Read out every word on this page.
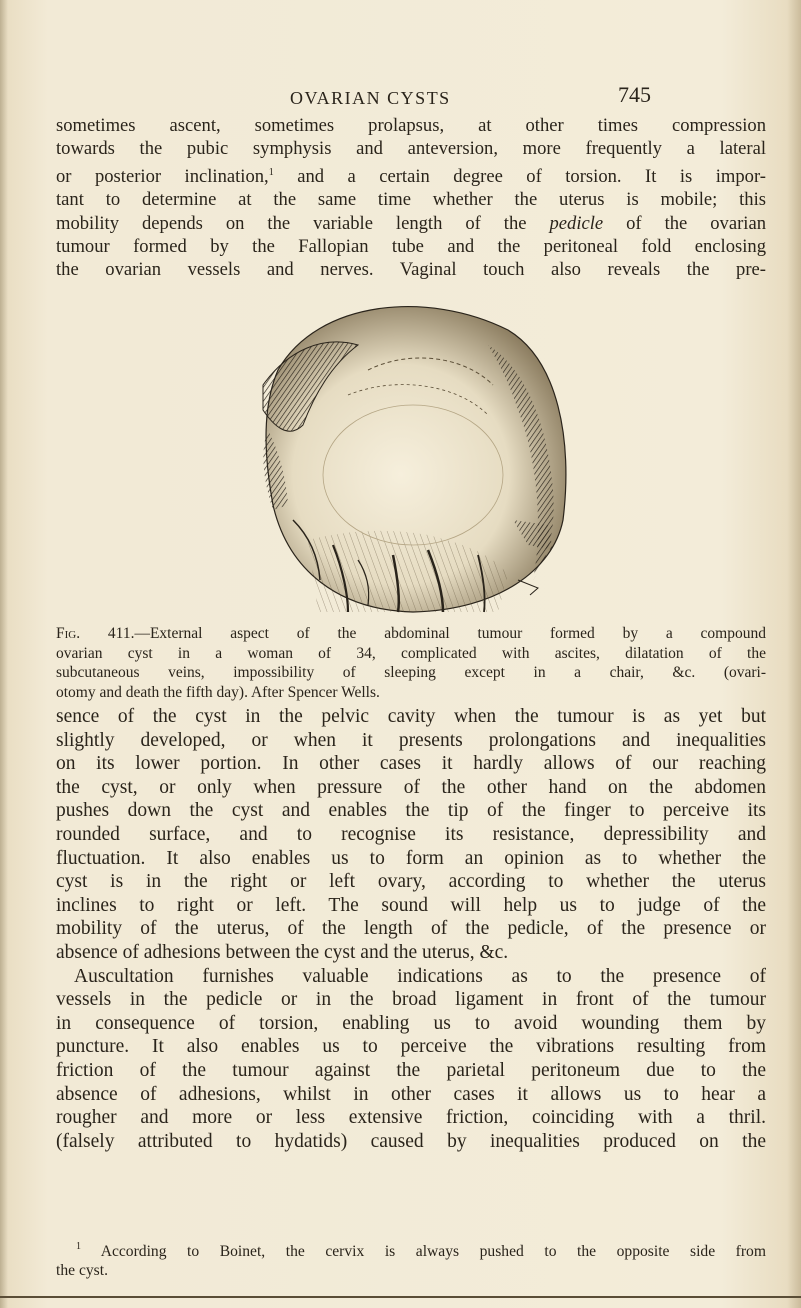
OVARIAN CYSTS	745

sometimes ascent, sometimes prolapsus, at other times compression
towards the pubic symphysis and anteversion, more frequently a lateral
or posterior inclination,$^1$ and a certain degree of torsion. It is impor-
tant to determine at the same time whether the uterus is mobile; this
mobility depends on the variable length of the pedicle of the ovarian
tumour formed by the Fallopian tube and the peritoneal fold enclosing
the ovarian vessels and nerves. Vaginal touch also reveals the pre-

Fig. 411.—External aspect of the abdominal tumour formed by a compound
ovarian cyst in a woman of 34, complicated with ascites, dilatation of the
subcutaneous veins, impossibility of sleeping except in a chair, &c. (ovari-
otomy and death the fifth day). After Spencer Wells.

sence of the cyst in the pelvic cavity when the tumour is as yet but
slightly developed, or when it presents prolongations and inequalities
on its lower portion. In other cases it hardly allows of our reaching
the cyst, or only when pressure of the other hand on the abdomen
pushes down the cyst and enables the tip of the finger to perceive its
rounded surface, and to recognise its resistance, depressibility and
fluctuation. It also enables us to form an opinion as to whether the
cyst is in the right or left ovary, according to whether the uterus
inclines to right or left. The sound will help us to judge of the
mobility of the uterus, of the length of the pedicle, of the presence or
absence of adhesions between the cyst and the uterus, &c.
Auscultation furnishes valuable indications as to the presence of
vessels in the pedicle or in the broad ligament in front of the tumour
in consequence of torsion, enabling us to avoid wounding them by
puncture. It also enables us to perceive the vibrations resulting from
friction of the tumour against the parietal peritoneum due to the
absence of adhesions, whilst in other cases it allows us to hear a
rougher and more or less extensive friction, coinciding with a thril.
(falsely attributed to hydatids) caused by inequalities produced on the

$^1$ According to Boinet, the cervix is always pushed to the opposite side from
the cyst.
